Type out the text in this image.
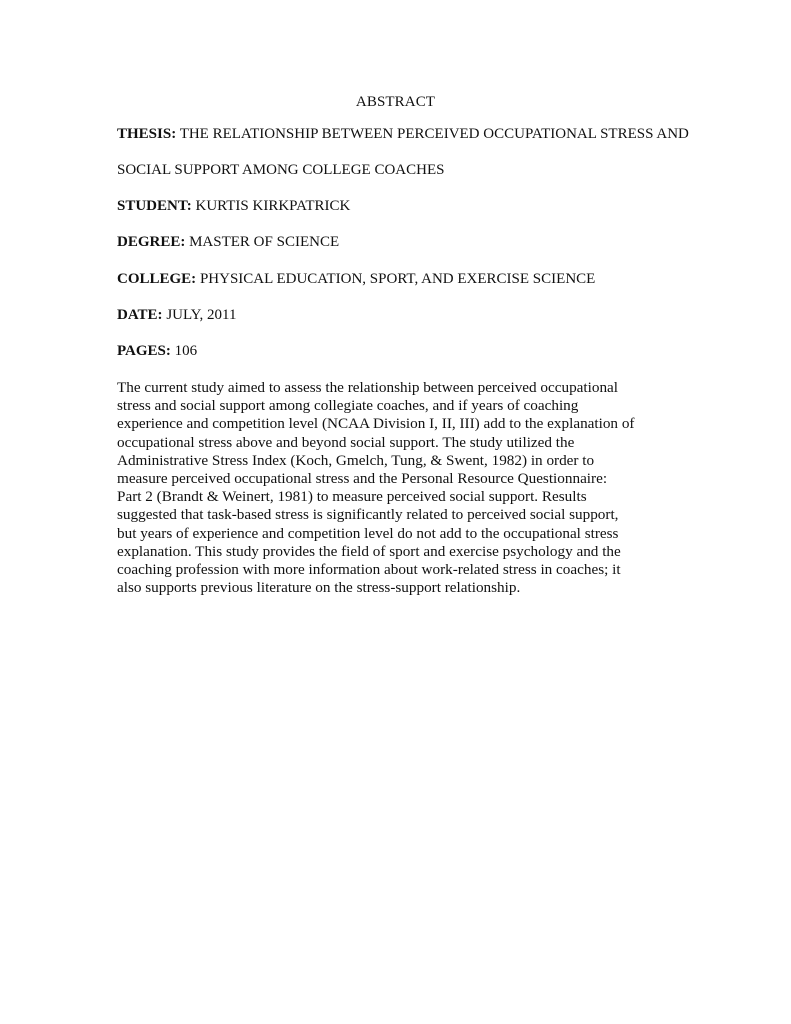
ABSTRACT
THESIS: THE RELATIONSHIP BETWEEN PERCEIVED OCCUPATIONAL STRESS AND
SOCIAL SUPPORT AMONG COLLEGE COACHES
STUDENT: KURTIS KIRKPATRICK
DEGREE: MASTER OF SCIENCE
COLLEGE: PHYSICAL EDUCATION, SPORT, AND EXERCISE SCIENCE
DATE: JULY, 2011
PAGES: 106
The current study aimed to assess the relationship between perceived occupational
stress and social support among collegiate coaches, and if years of coaching
experience and competition level (NCAA Division I, II, III) add to the explanation of
occupational stress above and beyond social support. The study utilized the
Administrative Stress Index (Koch, Gmelch, Tung, & Swent, 1982) in order to
measure perceived occupational stress and the Personal Resource Questionnaire:
Part 2 (Brandt & Weinert, 1981) to measure perceived social support. Results
suggested that task-based stress is significantly related to perceived social support,
but years of experience and competition level do not add to the occupational stress
explanation. This study provides the field of sport and exercise psychology and the
coaching profession with more information about work-related stress in coaches; it
also supports previous literature on the stress-support relationship.
